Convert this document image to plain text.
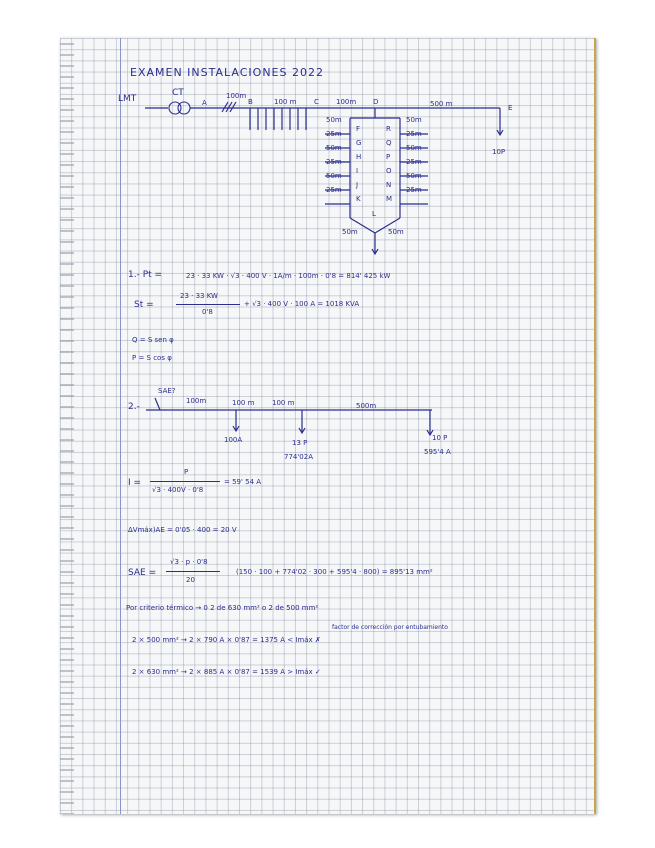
EXAMEN INSTALACIONES 2022
LMT
CT
A	B	C	D
E
100m
100 m	100m	500 m
10P
F
G
H
I
J
K
R
Q
P
O
N
M
L
50m
25m
50m
25m
50m
25m
50m
50m
25m
50m
25m
50m
25m
50m
1.- Pt =	23 · 33 KW · √3 · 400 V · 1A/m · 100m · 0'8 = 814' 425 kW
St =
23 · 33 KW
0'8
+ √3 · 400 V · 100 A = 1018 KVA
Q = S sen φ
P = S cos φ
2.-
SAE?
100m	100 m	100 m	500m
100A	13 P
774'02A
10 P
595'4 A
I =
P
√3 · 400V · 0'8
= 59' 54 A
ΔVmáx)AE = 0'05 · 400 = 20 V
SAE =
√3 · p · 0'8
20
(150 · 100 + 774'02 · 300 + 595'4 · 800) = 895'13 mm²
Por criterio térmico → 0 2 de 630 mm² o 2 de 500 mm²
factor de corrección por entubamiento
2 × 500 mm² → 2 × 790 A × 0'87 = 1375 A < Imáx ✗
2 × 630 mm² → 2 × 885 A × 0'87 = 1539 A > Imáx ✓
